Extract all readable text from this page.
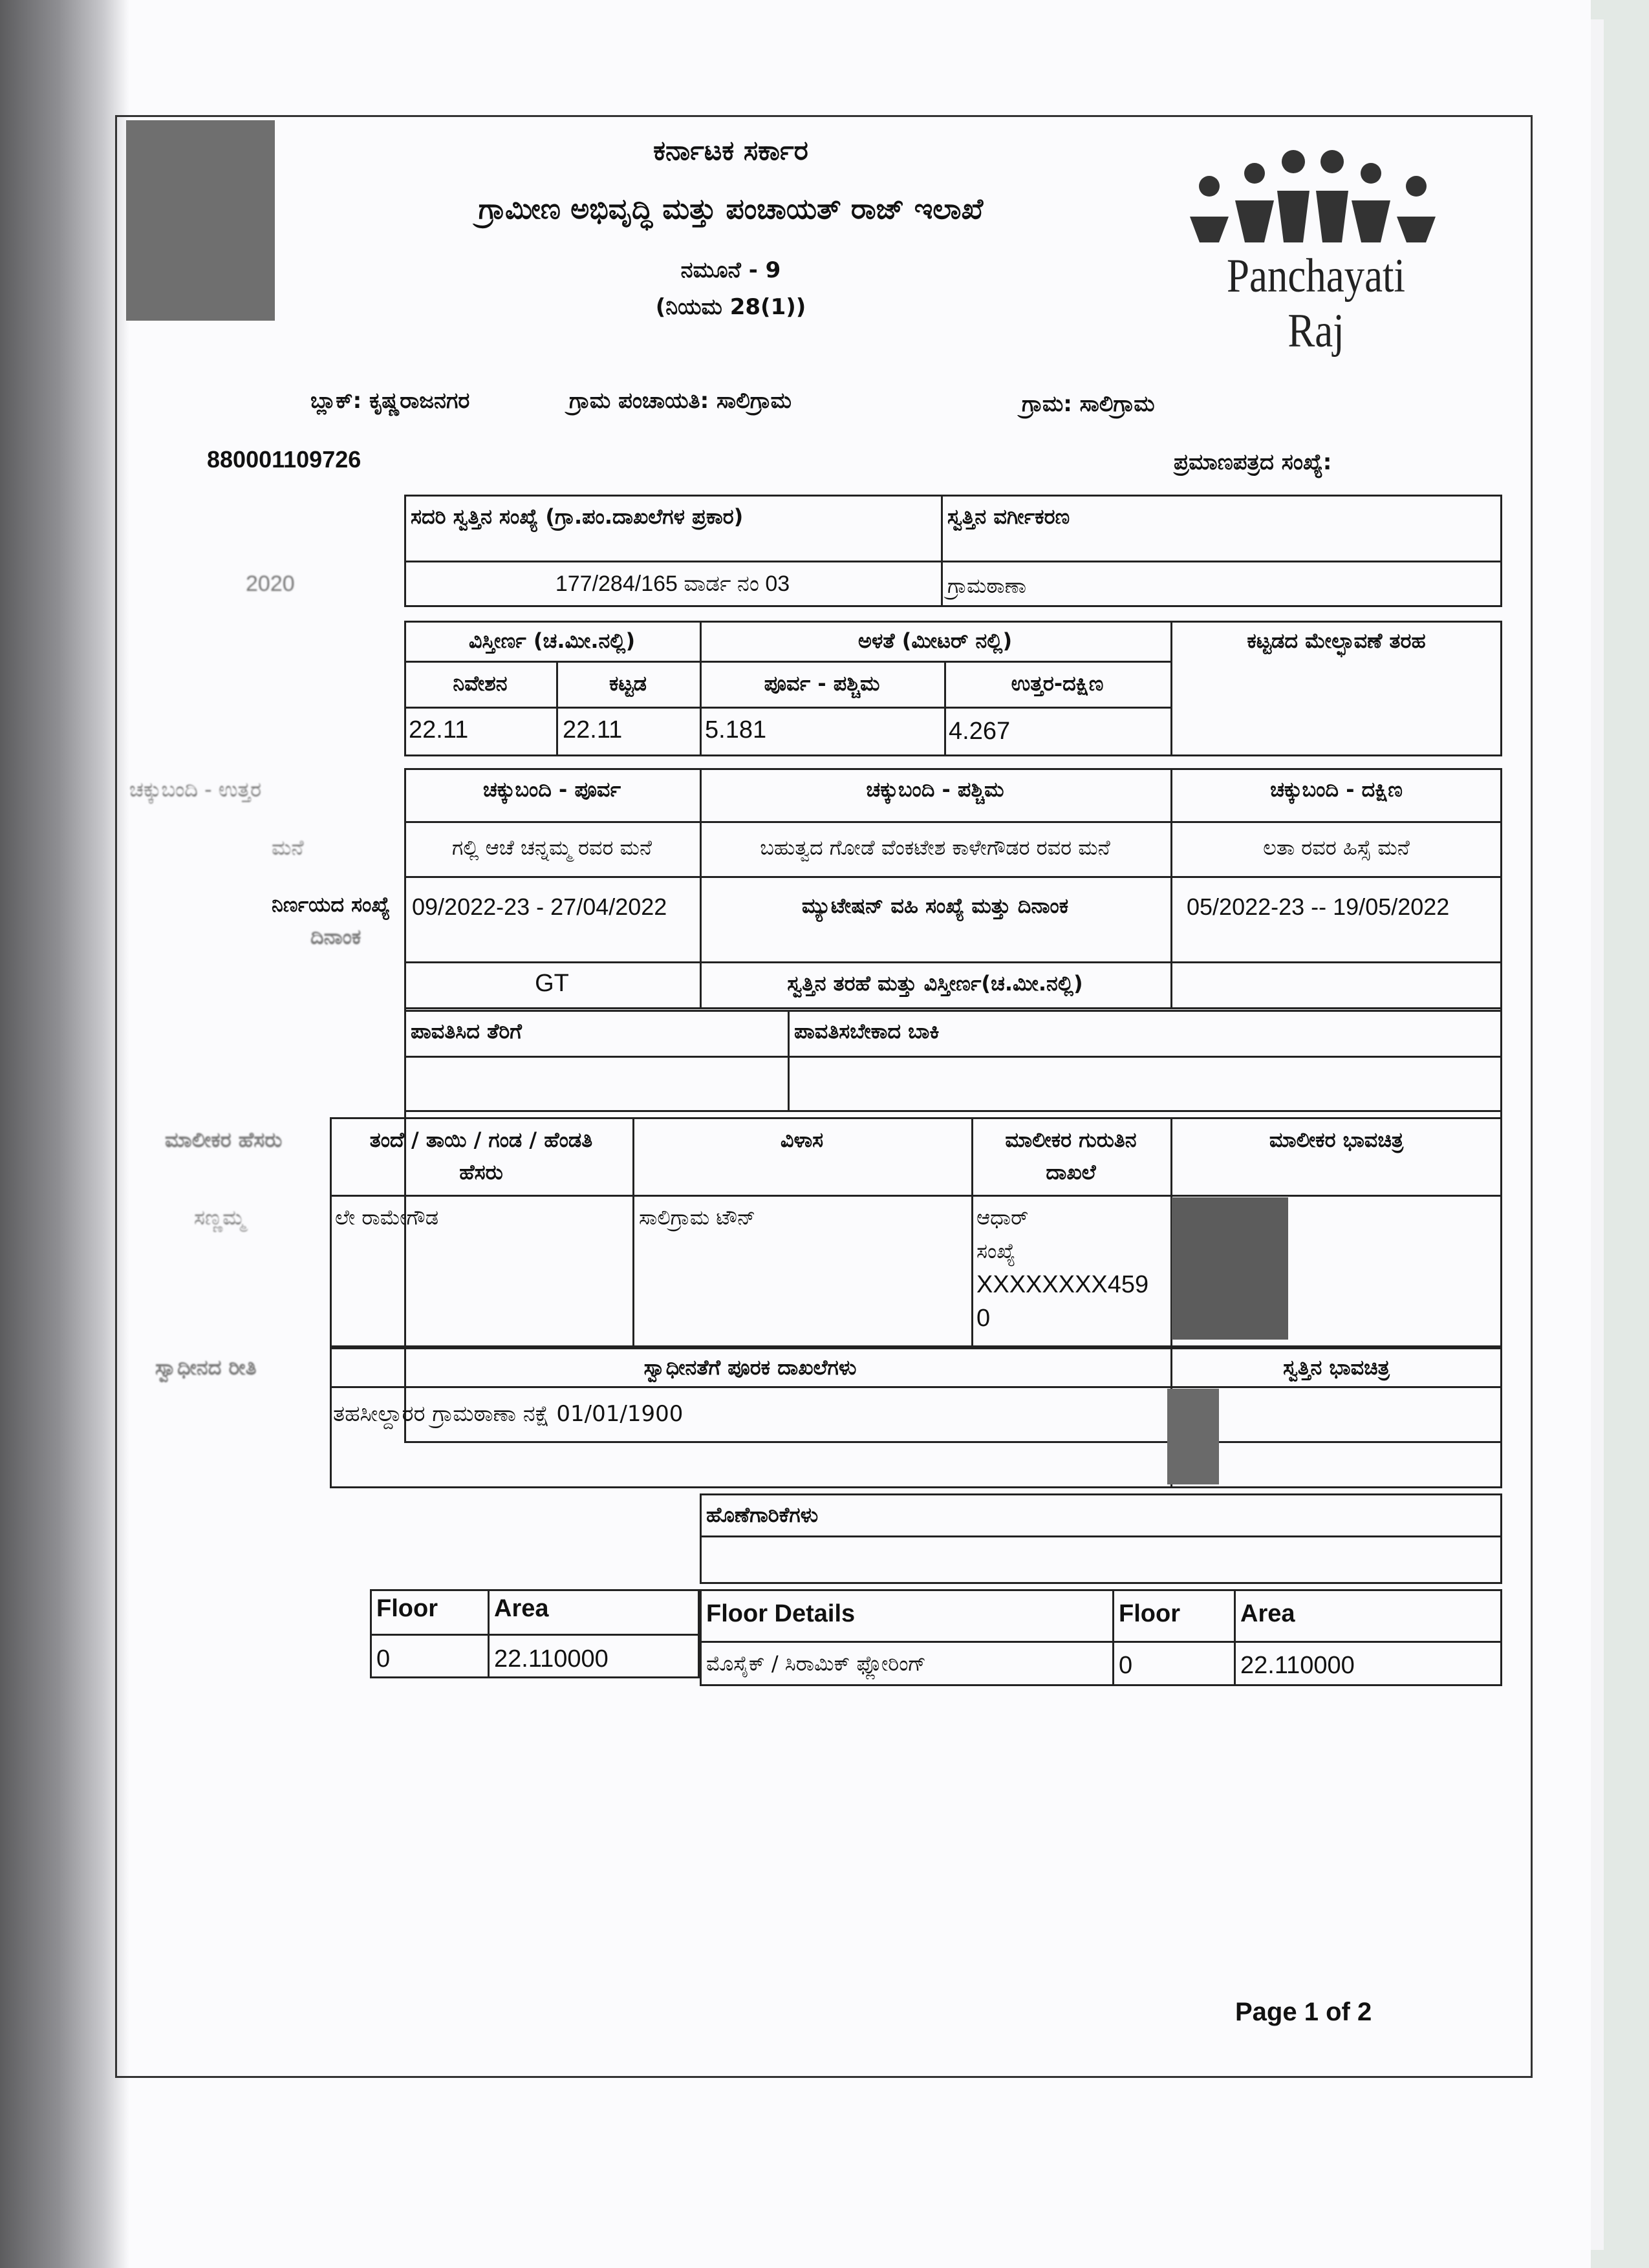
Panchayati Raj
ಕರ್ನಾಟಕ ಸರ್ಕಾರ
ಗ್ರಾಮೀಣ ಅಭಿವೃದ್ಧಿ ಮತ್ತು ಪಂಚಾಯತ್ ರಾಜ್ ಇಲಾಖೆ
ನಮೂನೆ - 9
(ನಿಯಮ 28(1))
ಬ್ಲಾಕ್: ಕೃಷ್ಣರಾಜನಗರ	ಗ್ರಾಮ ಪಂಚಾಯತಿ: ಸಾಲಿಗ್ರಾಮ	ಗ್ರಾಮ: ಸಾಲಿಗ್ರಾಮ
880001109726	ಪ್ರಮಾಣಪತ್ರದ ಸಂಖ್ಯೆ:
ಸದರಿ ಸ್ವತ್ತಿನ ಸಂಖ್ಯೆ (ಗ್ರಾ.ಪಂ.ದಾಖಲೆಗಳ ಪ್ರಕಾರ)	ಸ್ವತ್ತಿನ ವರ್ಗೀಕರಣ
2020	177/284/165 ವಾರ್ಡ ನಂ 03	ಗ್ರಾಮಠಾಣಾ
ವಿಸ್ತೀರ್ಣ (ಚ.ಮೀ.ನಲ್ಲಿ)	ಅಳತೆ (ಮೀಟರ್ ನಲ್ಲಿ)	ಕಟ್ಟಡದ ಮೇಲ್ಛಾವಣೆ ತರಹ
ನಿವೇಶನ	ಕಟ್ಟಡ	ಪೂರ್ವ - ಪಶ್ಚಿಮ	ಉತ್ತರ-ದಕ್ಷಿಣ
22.11	22.11	5.181	4.267
ಚಕ್ಕುಬಂದಿ - ಉತ್ತರ	ಚಕ್ಕುಬಂದಿ - ಪೂರ್ವ	ಚಕ್ಕುಬಂದಿ - ಪಶ್ಚಿಮ	ಚಕ್ಕುಬಂದಿ - ದಕ್ಷಿಣ
ಮನೆ	ಗಲ್ಲಿ ಆಚೆ ಚನ್ನಮ್ಮ ರವರ ಮನೆ	ಬಹುತ್ವದ ಗೋಡೆ ವೆಂಕಟೇಶ ಕಾಳೇಗೌಡರ ರವರ ಮನೆ	ಲತಾ ರವರ ಹಿಸ್ಸೆ ಮನೆ
ನಿರ್ಣಯದ ಸಂಖ್ಯೆ
ದಿನಾಂಕ
09/2022-23 - 27/04/2022	ಮ್ಯುಟೇಷನ್ ವಹಿ ಸಂಖ್ಯೆ ಮತ್ತು ದಿನಾಂಕ	05/2022-23 -- 19/05/2022
GT	ಸ್ವತ್ತಿನ ತರಹೆ ಮತ್ತು ವಿಸ್ತೀರ್ಣ(ಚ.ಮೀ.ನಲ್ಲಿ)
ಪಾವತಿಸಿದ ತೆರಿಗೆ	ಪಾವತಿಸಬೇಕಾದ ಬಾಕಿ
ಮಾಲೀಕರ ಹೆಸರು	ತಂದೆ / ತಾಯಿ / ಗಂಡ / ಹೆಂಡತಿ
ಹೆಸರು
ವಿಳಾಸ	ಮಾಲೀಕರ ಗುರುತಿನ
ದಾಖಲೆ
ಮಾಲೀಕರ ಭಾವಚಿತ್ರ
ಸಣ್ಣಮ್ಮ	ಲೇ ರಾಮೇಗೌಡ	ಸಾಲಿಗ್ರಾಮ ಟೌನ್	ಆಧಾರ್
ಸಂಖ್ಯೆ
XXXXXXXX459
0
ಸ್ವಾಧೀನದ ರೀತಿ	ಸ್ವಾಧೀನತೆಗೆ ಪೂರಕ ದಾಖಲೆಗಳು	ಸ್ವತ್ತಿನ ಭಾವಚಿತ್ರ
ತಹಸೀಲ್ದಾರರ ಗ್ರಾಮಠಾಣಾ ನಕ್ಷೆ 01/01/1900
ಹೊಣೆಗಾರಿಕೆಗಳು
Floor Area
0	22.110000
Floor Details	Floor Area
ಮೊಸೈಕ್ / ಸಿರಾಮಿಕ್ ಫ್ಲೋರಿಂಗ್	0	22.110000
Page 1 of 2
